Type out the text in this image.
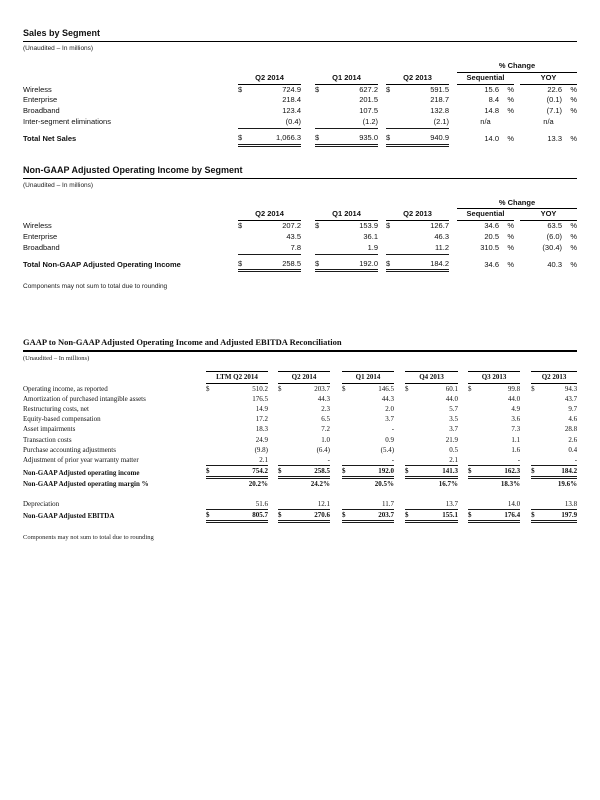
Sales by Segment
(Unaudited – In millions)
										% Change				
	Q2 2014			Q1 2014			Q2 2013			Sequential			YOY	
Wireless	$	724.9		$	627.2		$	591.5		15.6	%		22.6	%
Enterprise		218.4			201.5			218.7		8.4	%		(0.1)	%
Broadband		123.4			107.5			132.8		14.8	%		(7.1)	%
Inter-segment eliminations		(0.4)			(1.2)			(2.1)		n/a			n/a	

Total Net Sales	$	1,066.3		$	935.0		$	940.9		14.0	%		13.3	%
Non-GAAP Adjusted Operating Income by Segment
(Unaudited – In millions)
										% Change				
	Q2 2014			Q1 2014			Q2 2013			Sequential			YOY	
Wireless	$	207.2		$	153.9		$	126.7		34.6	%		63.5	%
Enterprise		43.5			36.1			46.3		20.5	%		(6.0)	%
Broadband		7.8			1.9			11.2		310.5	%		(30.4)	%

Total Non-GAAP Adjusted Operating Income	$	258.5		$	192.0		$	184.2		34.6	%		40.3	%
Components may not sum to total due to rounding
GAAP to Non-GAAP Adjusted Operating Income and Adjusted EBITDA Reconciliation
(Unaudited – In millions)
	LTM Q2 2014			Q2 2014			Q1 2014			Q4 2013			Q3 2013			Q2 2013	
Operating income, as reported	$	510.2		$	203.7		$	146.5		$	60.1		$	99.8		$	94.3
Amortization of purchased intangible assets		176.5			44.3			44.3			44.0			44.0			43.7
Restructuring costs, net		14.9			2.3			2.0			5.7			4.9			9.7
Equity-based compensation		17.2			6.5			3.7			3.5			3.6			4.6
Asset impairments		18.3			7.2			-			3.7			7.3			28.8
Transaction costs		24.9			1.0			0.9			21.9			1.1			2.6
Purchase accounting adjustments		(9.8)			(6.4)			(5.4)			0.5			1.6			0.4
Adjustment of prior year warranty matter		2.1			-			-			2.1			-			-
Non-GAAP Adjusted operating income	$	754.2		$	258.5		$	192.0		$	141.3		$	162.3		$	184.2
Non-GAAP Adjusted operating margin %		20.2%			24.2%			20.5%			16.7%			18.3%			19.6%

Depreciation		51.6			12.1			11.7			13.7			14.0			13.8
Non-GAAP Adjusted EBITDA	$	805.7		$	270.6		$	203.7		$	155.1		$	176.4		$	197.9
Components may not sum to total due to rounding
